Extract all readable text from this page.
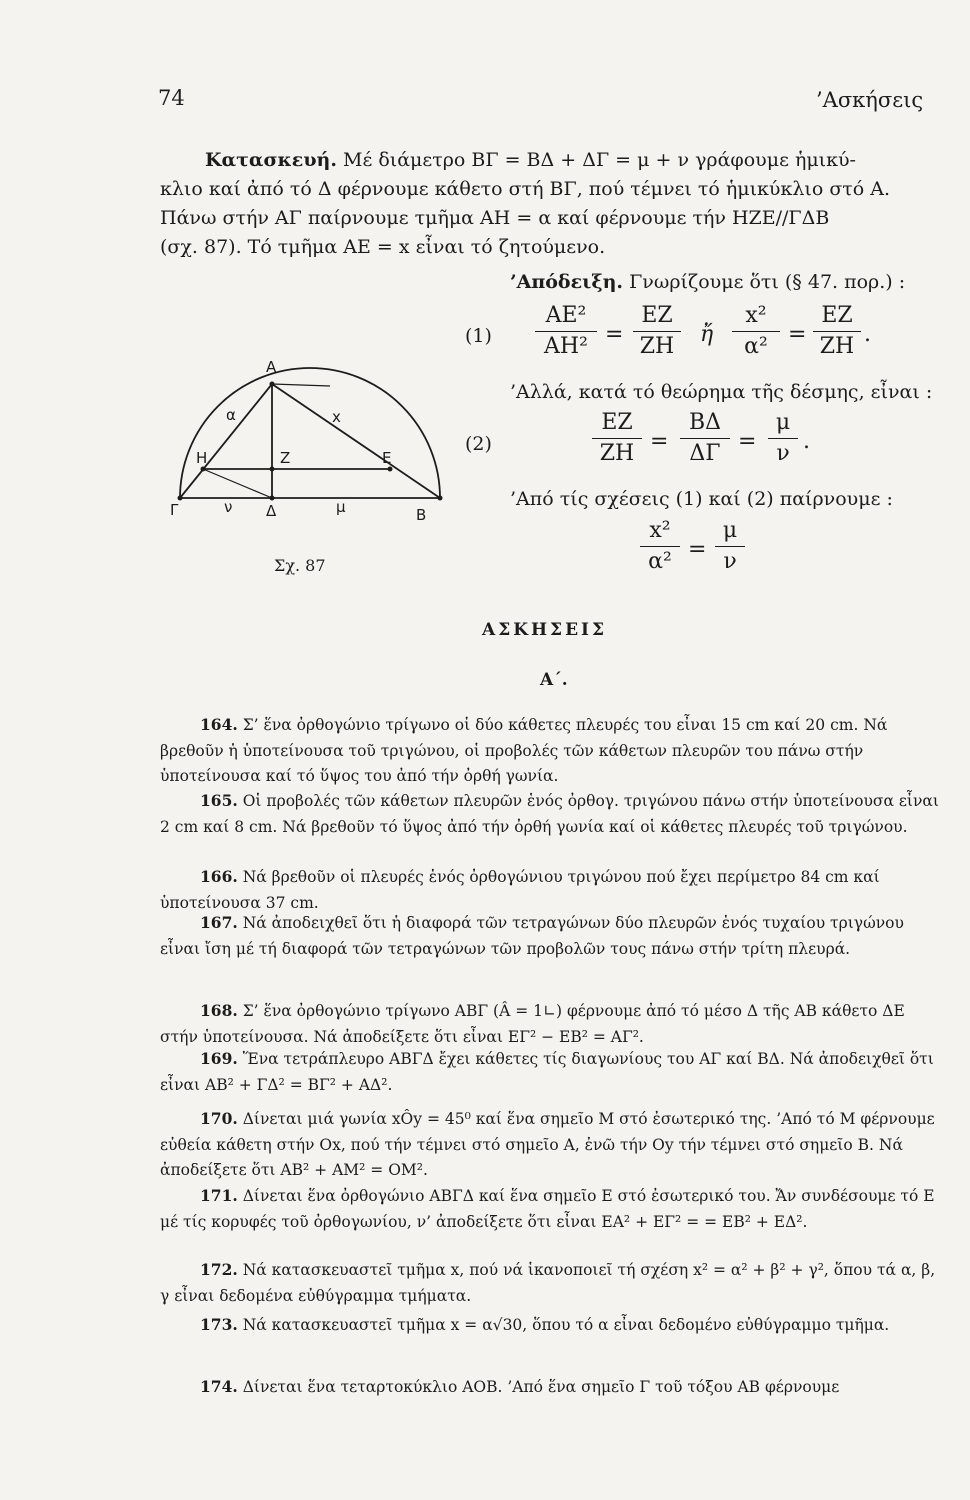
74	’Ασκήσεις
Κατασκευή. Μέ διάμετρο ΒΓ = ΒΔ + ΔΓ = μ + ν γράφουμε ἡμικύ-
κλιο καί ἀπό τό Δ φέρνουμε κάθετο στή ΒΓ, πού τέμνει τό ἡμικύκλιο στό Α.
Πάνω στήν ΑΓ παίρνουμε τμῆμα ΑΗ = α καί φέρνουμε τήν ΗΖΕ//ΓΔΒ
(σχ. 87). Τό τμῆμα ΑΕ = x εἶναι τό ζητούμενο.
’Απόδειξη. Γνωρίζουμε ὅτι (§ 47. πορ.) :
(1)
ΑΕ²
ΑΗ² =
ΕΖ
ΖΗ	ἤ
x²
α² =
ΕΖ
ΖΗ .
’Αλλά, κατά τό θεώρημα τῆς δέσμης, εἶναι :
(2)
ΕΖ
ΖΗ =
ΒΔ
ΔΓ =
μ
ν .
’Από τίς σχέσεις (1) καί (2) παίρνουμε :
x²
α² =
μ
ν
Α
α	x
Η	Ζ	Ε
Γ	ν Δ	μ	Β
Σχ. 87
ΑΣΚΗΣΕΙΣ
Α΄.
164. Σ’ ἕνα ὀρθογώνιο τρίγωνο οἱ δύο κάθετες πλευρές του εἶναι 15 cm καί 20 cm. Νά βρεθοῦν ἡ ὑποτείνουσα τοῦ τριγώνου, οἱ προβολές τῶν κάθετων πλευρῶν του πάνω στήν ὑποτείνουσα καί τό ὕψος του ἀπό τήν ὀρθή γωνία.
165. Οἱ προβολές τῶν κάθετων πλευρῶν ἑνός ὀρθογ. τριγώνου πάνω στήν ὑποτείνουσα εἶναι 2 cm καί 8 cm. Νά βρεθοῦν τό ὕψος ἀπό τήν ὀρθή γωνία καί οἱ κάθετες πλευρές τοῦ τριγώνου.
166. Νά βρεθοῦν οἱ πλευρές ἑνός ὀρθογώνιου τριγώνου πού ἔχει περίμετρο 84 cm καί ὑποτείνουσα 37 cm.
167. Νά ἀποδειχθεῖ ὅτι ἡ διαφορά τῶν τετραγώνων δύο πλευρῶν ἑνός τυχαίου τριγώνου εἶναι ἴση μέ τή διαφορά τῶν τετραγώνων τῶν προβολῶν τους πάνω στήν τρίτη πλευρά.
168. Σ’ ἕνα ὀρθογώνιο τρίγωνο ΑΒΓ (Â = 1∟) φέρνουμε ἀπό τό μέσο Δ τῆς ΑΒ κάθετο ΔΕ στήν ὑποτείνουσα. Νά ἀποδείξετε ὅτι εἶναι ΕΓ² − ΕΒ² = ΑΓ².
169. Ἕνα τετράπλευρο ΑΒΓΔ ἔχει κάθετες τίς διαγωνίους του ΑΓ καί ΒΔ. Νά ἀποδειχθεῖ ὅτι εἶναι ΑΒ² + ΓΔ² = ΒΓ² + ΑΔ².
170. Δίνεται μιά γωνία xÔy = 45⁰ καί ἕνα σημεῖο Μ στό ἐσωτερικό της. ’Από τό Μ φέρνουμε εὐθεία κάθετη στήν Οx, πού τήν τέμνει στό σημεῖο Α, ἐνῶ τήν Οy τήν τέμνει στό σημεῖο Β. Νά ἀποδείξετε ὅτι ΑΒ² + ΑΜ² = ΟΜ².
171. Δίνεται ἕνα ὀρθογώνιο ΑΒΓΔ καί ἕνα σημεῖο Ε στό ἐσωτερικό του. Ἄν συνδέσουμε τό Ε μέ τίς κορυφές τοῦ ὀρθογωνίου, ν’ ἀποδείξετε ὅτι εἶναι ΕΑ² + ΕΓ² = = ΕΒ² + ΕΔ².
172. Νά κατασκευαστεῖ τμῆμα x, πού νά ἱκανοποιεῖ τή σχέση x² = α² + β² + γ², ὅπου τά α, β, γ εἶναι δεδομένα εὐθύγραμμα τμήματα.
173. Νά κατασκευαστεῖ τμῆμα x = α√30, ὅπου τό α εἶναι δεδομένο εὐθύγραμμο τμῆμα.
174. Δίνεται ἕνα τεταρτοκύκλιο ΑΟΒ. ’Από ἕνα σημεῖο Γ τοῦ τόξου ΑΒ φέρνουμε
